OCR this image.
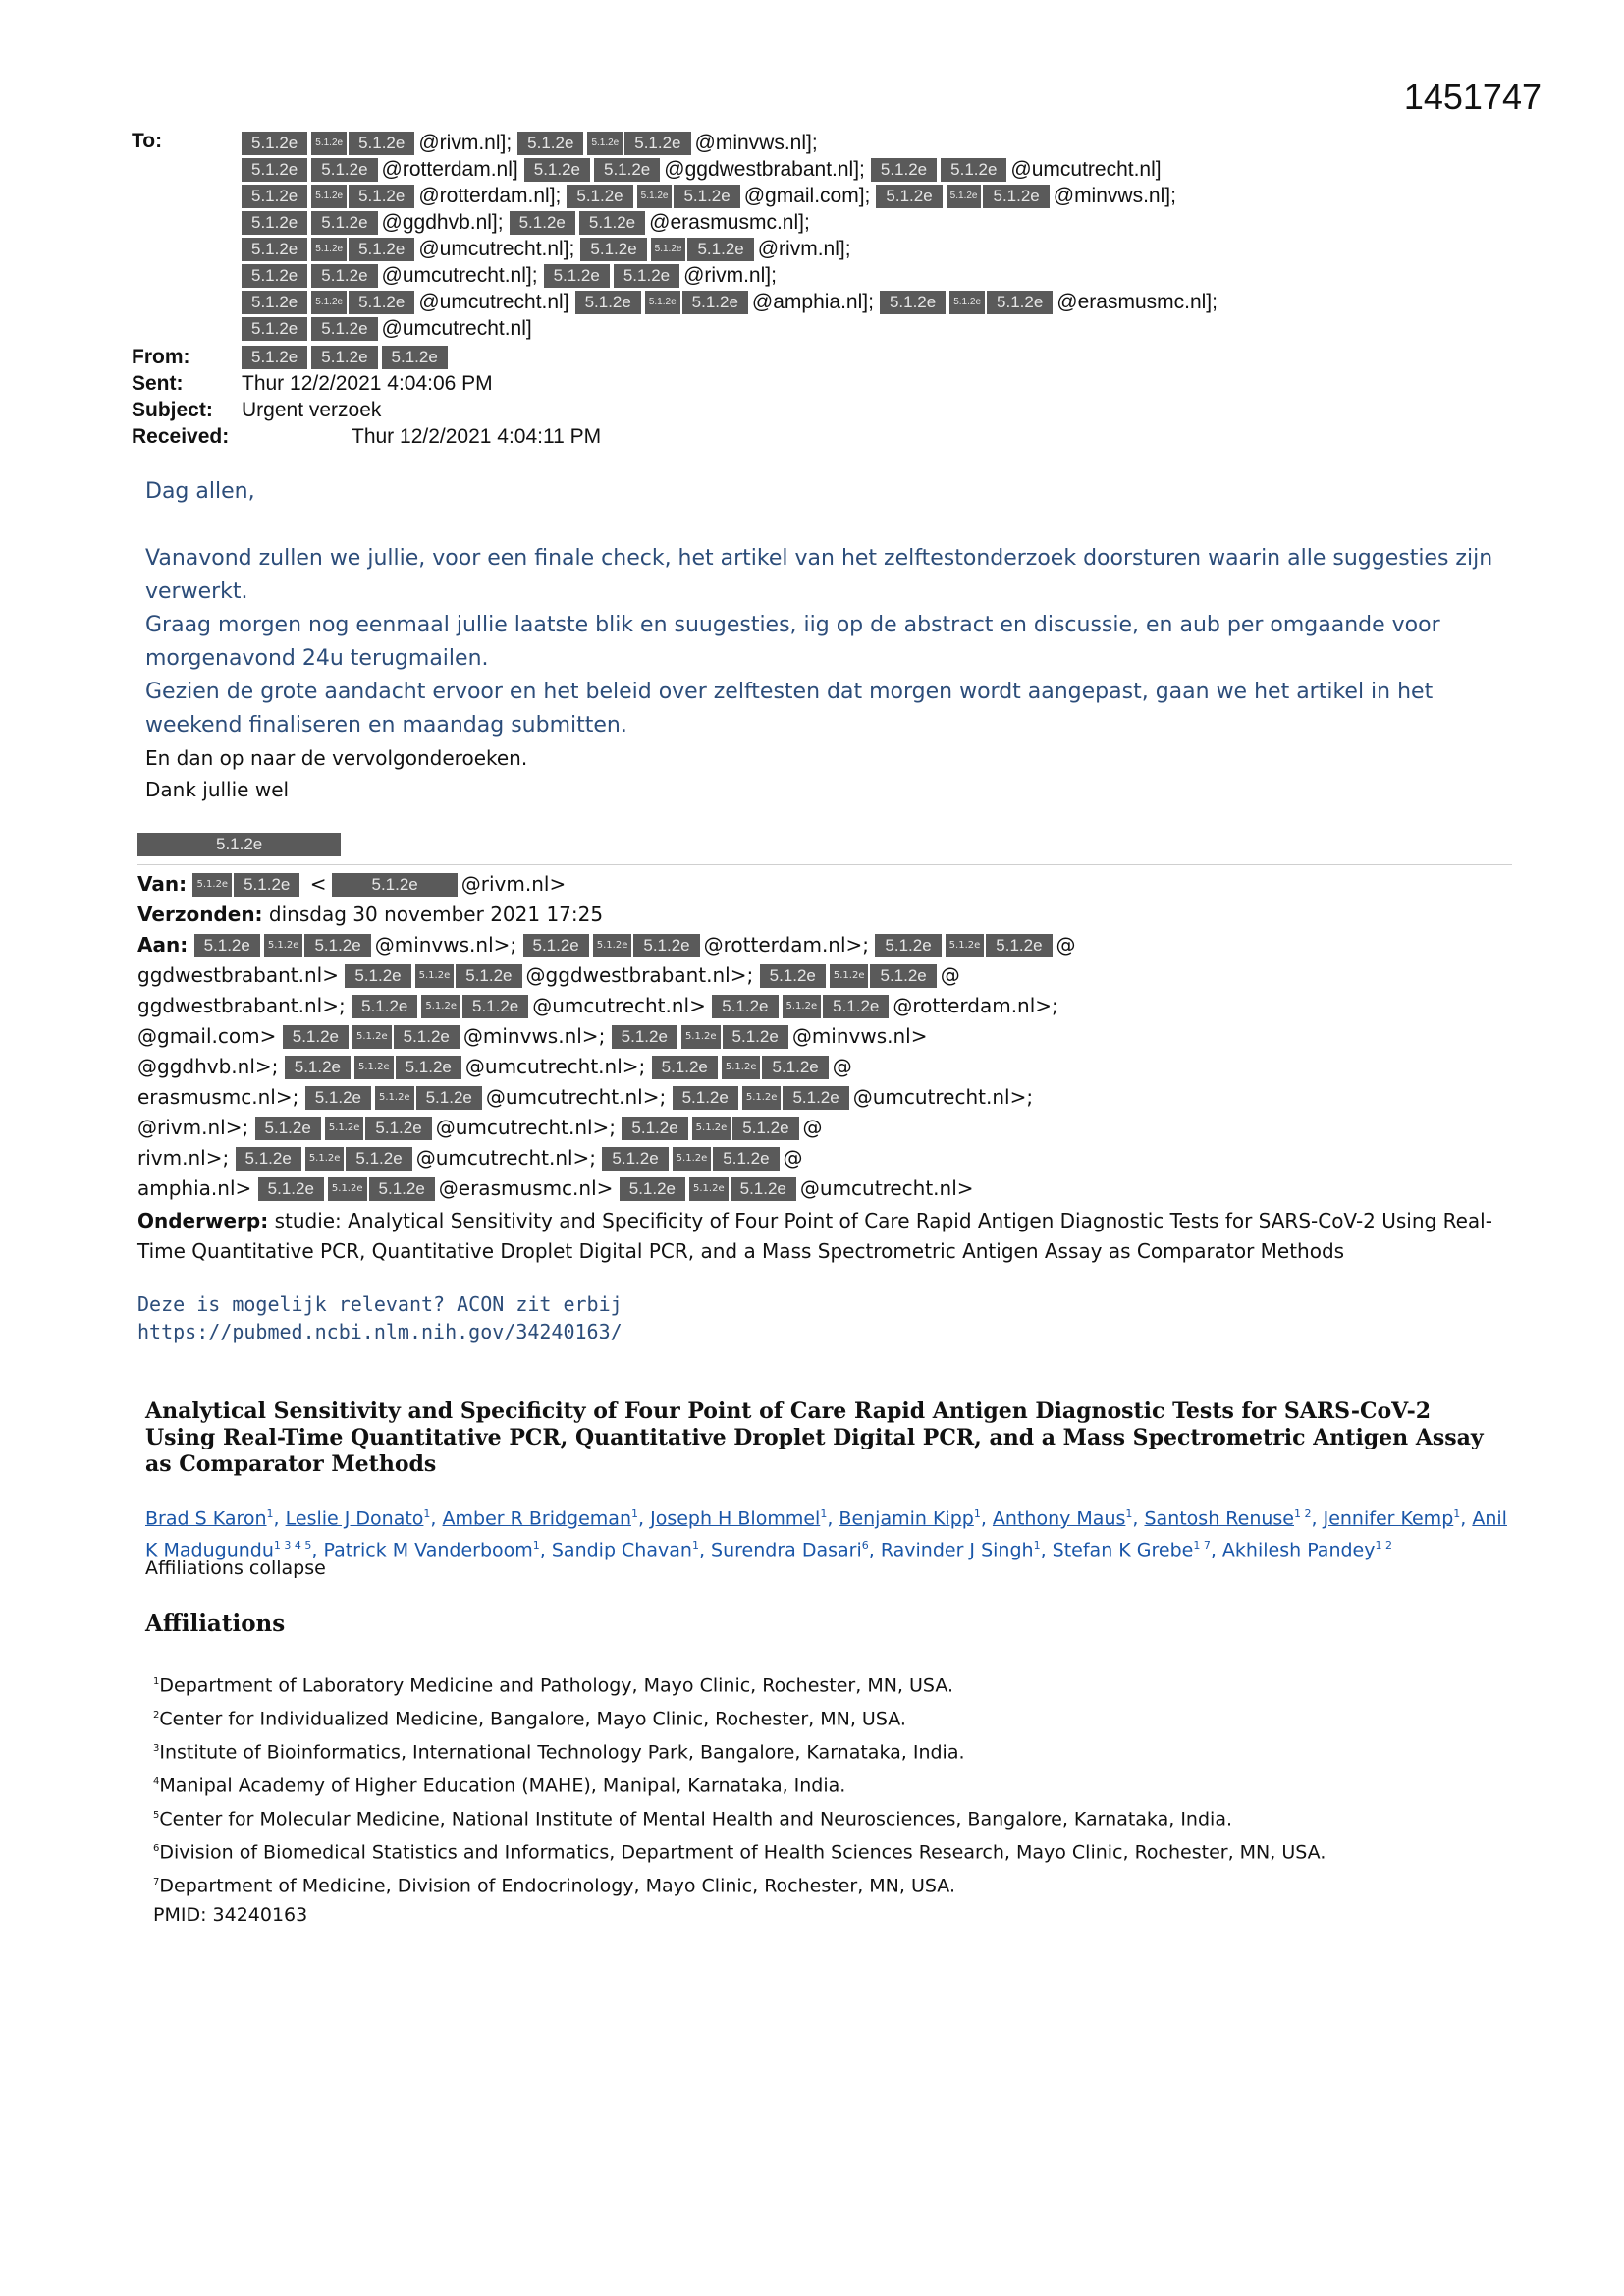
1451747
To:	5.1.2e 5.1.2e 5.1.2e @rivm.nl]; 5.1.2e 5.1.2e 5.1.2e @minvws.nl];
5.1.2e 5.1.2e @rotterdam.nl] 5.1.2e 5.1.2e @ggdwestbrabant.nl]; 5.1.2e 5.1.2e @umcutrecht.nl]
5.1.2e 5.1.2e 5.1.2e @rotterdam.nl]; 5.1.2e 5.1.2e 5.1.2e @gmail.com]; 5.1.2e 5.1.2e 5.1.2e @minvws.nl];
5.1.2e 5.1.2e @ggdhvb.nl]; 5.1.2e 5.1.2e @erasmusmc.nl];
5.1.2e 5.1.2e 5.1.2e @umcutrecht.nl]; 5.1.2e 5.1.2e 5.1.2e @rivm.nl];
5.1.2e 5.1.2e @umcutrecht.nl]; 5.1.2e 5.1.2e @rivm.nl];
5.1.2e 5.1.2e 5.1.2e @umcutrecht.nl] 5.1.2e 5.1.2e 5.1.2e @amphia.nl]; 5.1.2e 5.1.2e 5.1.2e @erasmusmc.nl];
5.1.2e 5.1.2e @umcutrecht.nl]
From:	5.1.2e 5.1.2e 5.1.2e
Sent:	Thur 12/2/2021 4:04:06 PM
Subject:	Urgent verzoek
Received:	Thur 12/2/2021 4:04:11 PM

Dag allen,

Vanavond zullen we jullie, voor een finale check, het artikel van het zelftestonderzoek doorsturen waarin alle suggesties zijn verwerkt.
Graag morgen nog eenmaal jullie laatste blik en suugesties, iig op de abstract en discussie, en aub per omgaande voor morgenavond 24u terugmailen.
Gezien de grote aandacht ervoor en het beleid over zelftesten dat morgen wordt aangepast, gaan we het artikel in het weekend finaliseren en maandag submitten.
En dan op naar de vervolgonderoeken.
Dank jullie wel
5.1.2e
Van: 5.1.2e 5.1.2e <	5.1.2e @rivm.nl>
Verzonden: dinsdag 30 november 2021 17:25
Aan: 5.1.2e 5.1.2e 5.1.2e @minvws.nl>; 5.1.2e 5.1.2e 5.1.2e @rotterdam.nl>; 5.1.2e 5.1.2e 5.1.2e @
ggdwestbrabant.nl> 5.1.2e 5.1.2e 5.1.2e @ggdwestbrabant.nl>; 5.1.2e 5.1.2e 5.1.2e @
ggdwestbrabant.nl>; 5.1.2e 5.1.2e 5.1.2e @umcutrecht.nl> 5.1.2e 5.1.2e 5.1.2e @rotterdam.nl>;
@gmail.com> 5.1.2e 5.1.2e 5.1.2e @minvws.nl>; 5.1.2e 5.1.2e 5.1.2e @minvws.nl>
@ggdhvb.nl>; 5.1.2e 5.1.2e 5.1.2e @umcutrecht.nl>; 5.1.2e 5.1.2e 5.1.2e @
erasmusmc.nl>; 5.1.2e 5.1.2e 5.1.2e @umcutrecht.nl>; 5.1.2e 5.1.2e 5.1.2e @umcutrecht.nl>;
@rivm.nl>; 5.1.2e 5.1.2e 5.1.2e @umcutrecht.nl>; 5.1.2e 5.1.2e 5.1.2e @
rivm.nl>; 5.1.2e 5.1.2e 5.1.2e @umcutrecht.nl>; 5.1.2e 5.1.2e 5.1.2e @
amphia.nl> 5.1.2e 5.1.2e 5.1.2e @erasmusmc.nl> 5.1.2e 5.1.2e 5.1.2e @umcutrecht.nl>
Onderwerp: studie: Analytical Sensitivity and Specificity of Four Point of Care Rapid Antigen Diagnostic Tests for SARS-CoV-2 Using Real-Time Quantitative PCR, Quantitative Droplet Digital PCR, and a Mass Spectrometric Antigen Assay as Comparator Methods
Deze is mogelijk relevant? ACON zit erbij
https://pubmed.ncbi.nlm.nih.gov/34240163/
Analytical Sensitivity and Specificity of Four Point of Care Rapid Antigen Diagnostic Tests for SARS-CoV-2 Using Real-Time Quantitative PCR, Quantitative Droplet Digital PCR, and a Mass Spectrometric Antigen Assay as Comparator Methods
Brad S Karon$^1$, Leslie J Donato$^1$, Amber R Bridgeman$^1$, Joseph H Blommel$^1$, Benjamin Kipp$^1$, Anthony Maus$^1$, Santosh Renuse$^{1 2}$, Jennifer Kemp$^1$, Anil K Madugundu$^{1 3 4 5}$, Patrick M Vanderboom$^1$, Sandip Chavan$^1$, Surendra Dasari$^6$, Ravinder J Singh$^1$, Stefan K Grebe$^{1 7}$, Akhilesh Pandey$^{1 2}$
Affiliations collapse
Affiliations
$^1$Department of Laboratory Medicine and Pathology, Mayo Clinic, Rochester, MN, USA.
$^2$Center for Individualized Medicine, Bangalore, Mayo Clinic, Rochester, MN, USA.
$^3$Institute of Bioinformatics, International Technology Park, Bangalore, Karnataka, India.
$^4$Manipal Academy of Higher Education (MAHE), Manipal, Karnataka, India.
$^5$Center for Molecular Medicine, National Institute of Mental Health and Neurosciences, Bangalore, Karnataka, India.
$^6$Division of Biomedical Statistics and Informatics, Department of Health Sciences Research, Mayo Clinic, Rochester, MN, USA.
$^7$Department of Medicine, Division of Endocrinology, Mayo Clinic, Rochester, MN, USA.
PMID: 34240163
